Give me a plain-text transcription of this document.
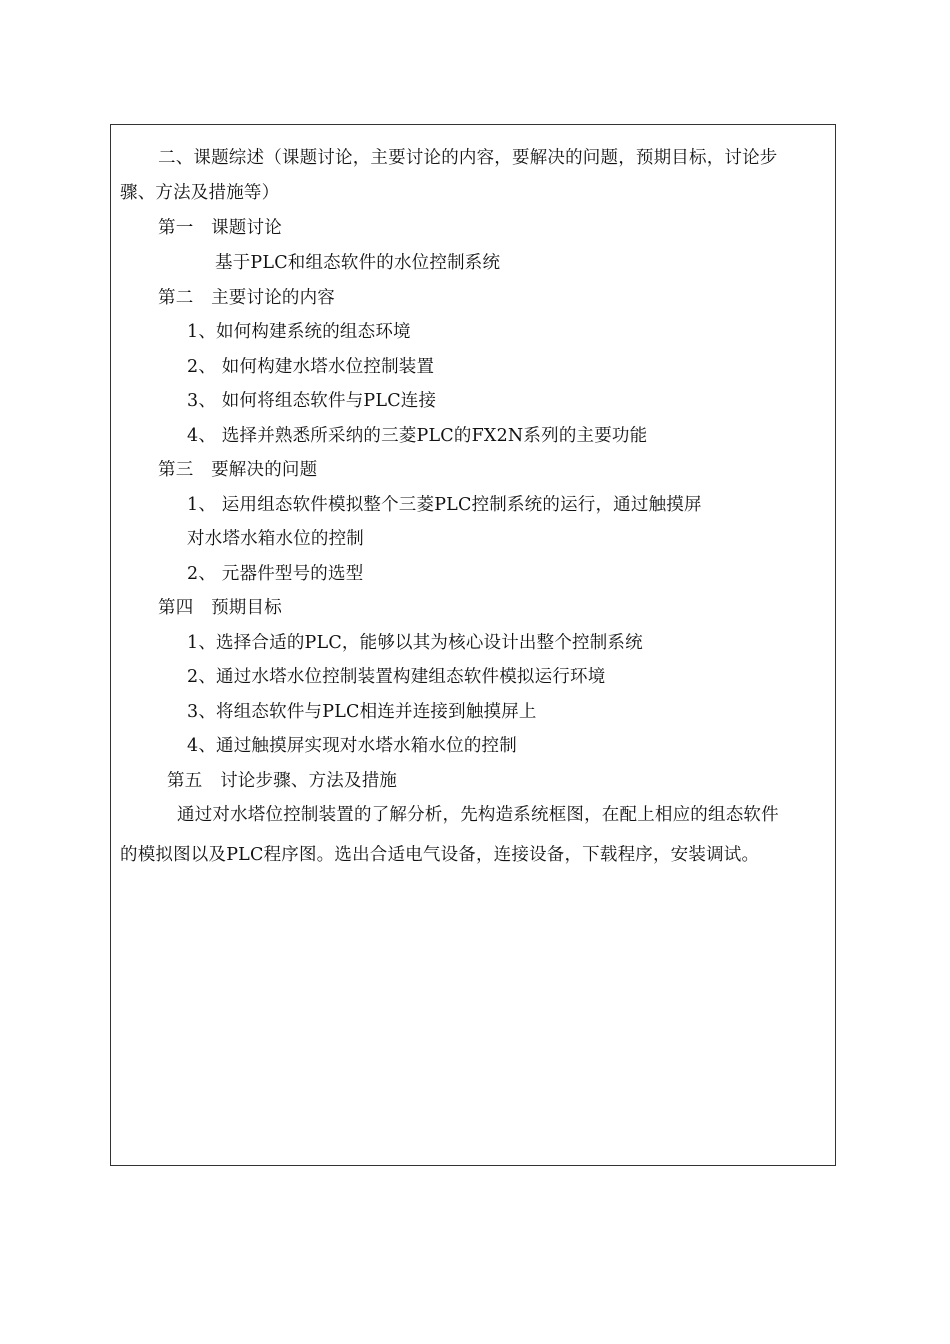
二、课题综述（课题讨论，主要讨论的内容，要解决的问题，预期目标，讨论步
骤、方法及措施等）
第一　课题讨论
基于PLC和组态软件的水位控制系统
第二　主要讨论的内容
1、如何构建系统的组态环境
2、 如何构建水塔水位控制装置
3、 如何将组态软件与PLC连接
4、 选择并熟悉所采纳的三菱PLC的FX2N系列的主要功能
第三　要解决的问题
1、 运用组态软件模拟整个三菱PLC控制系统的运行，通过触摸屏
对水塔水箱水位的控制
2、 元器件型号的选型
第四　预期目标
1、选择合适的PLC，能够以其为核心设计出整个控制系统
2、通过水塔水位控制装置构建组态软件模拟运行环境
3、将组态软件与PLC相连并连接到触摸屏上
4、通过触摸屏实现对水塔水箱水位的控制
第五　讨论步骤、方法及措施
通过对水塔位控制装置的了解分析，先构造系统框图，在配上相应的组态软件
的模拟图以及PLC程序图。选出合适电气设备，连接设备，下载程序，安装调试。
